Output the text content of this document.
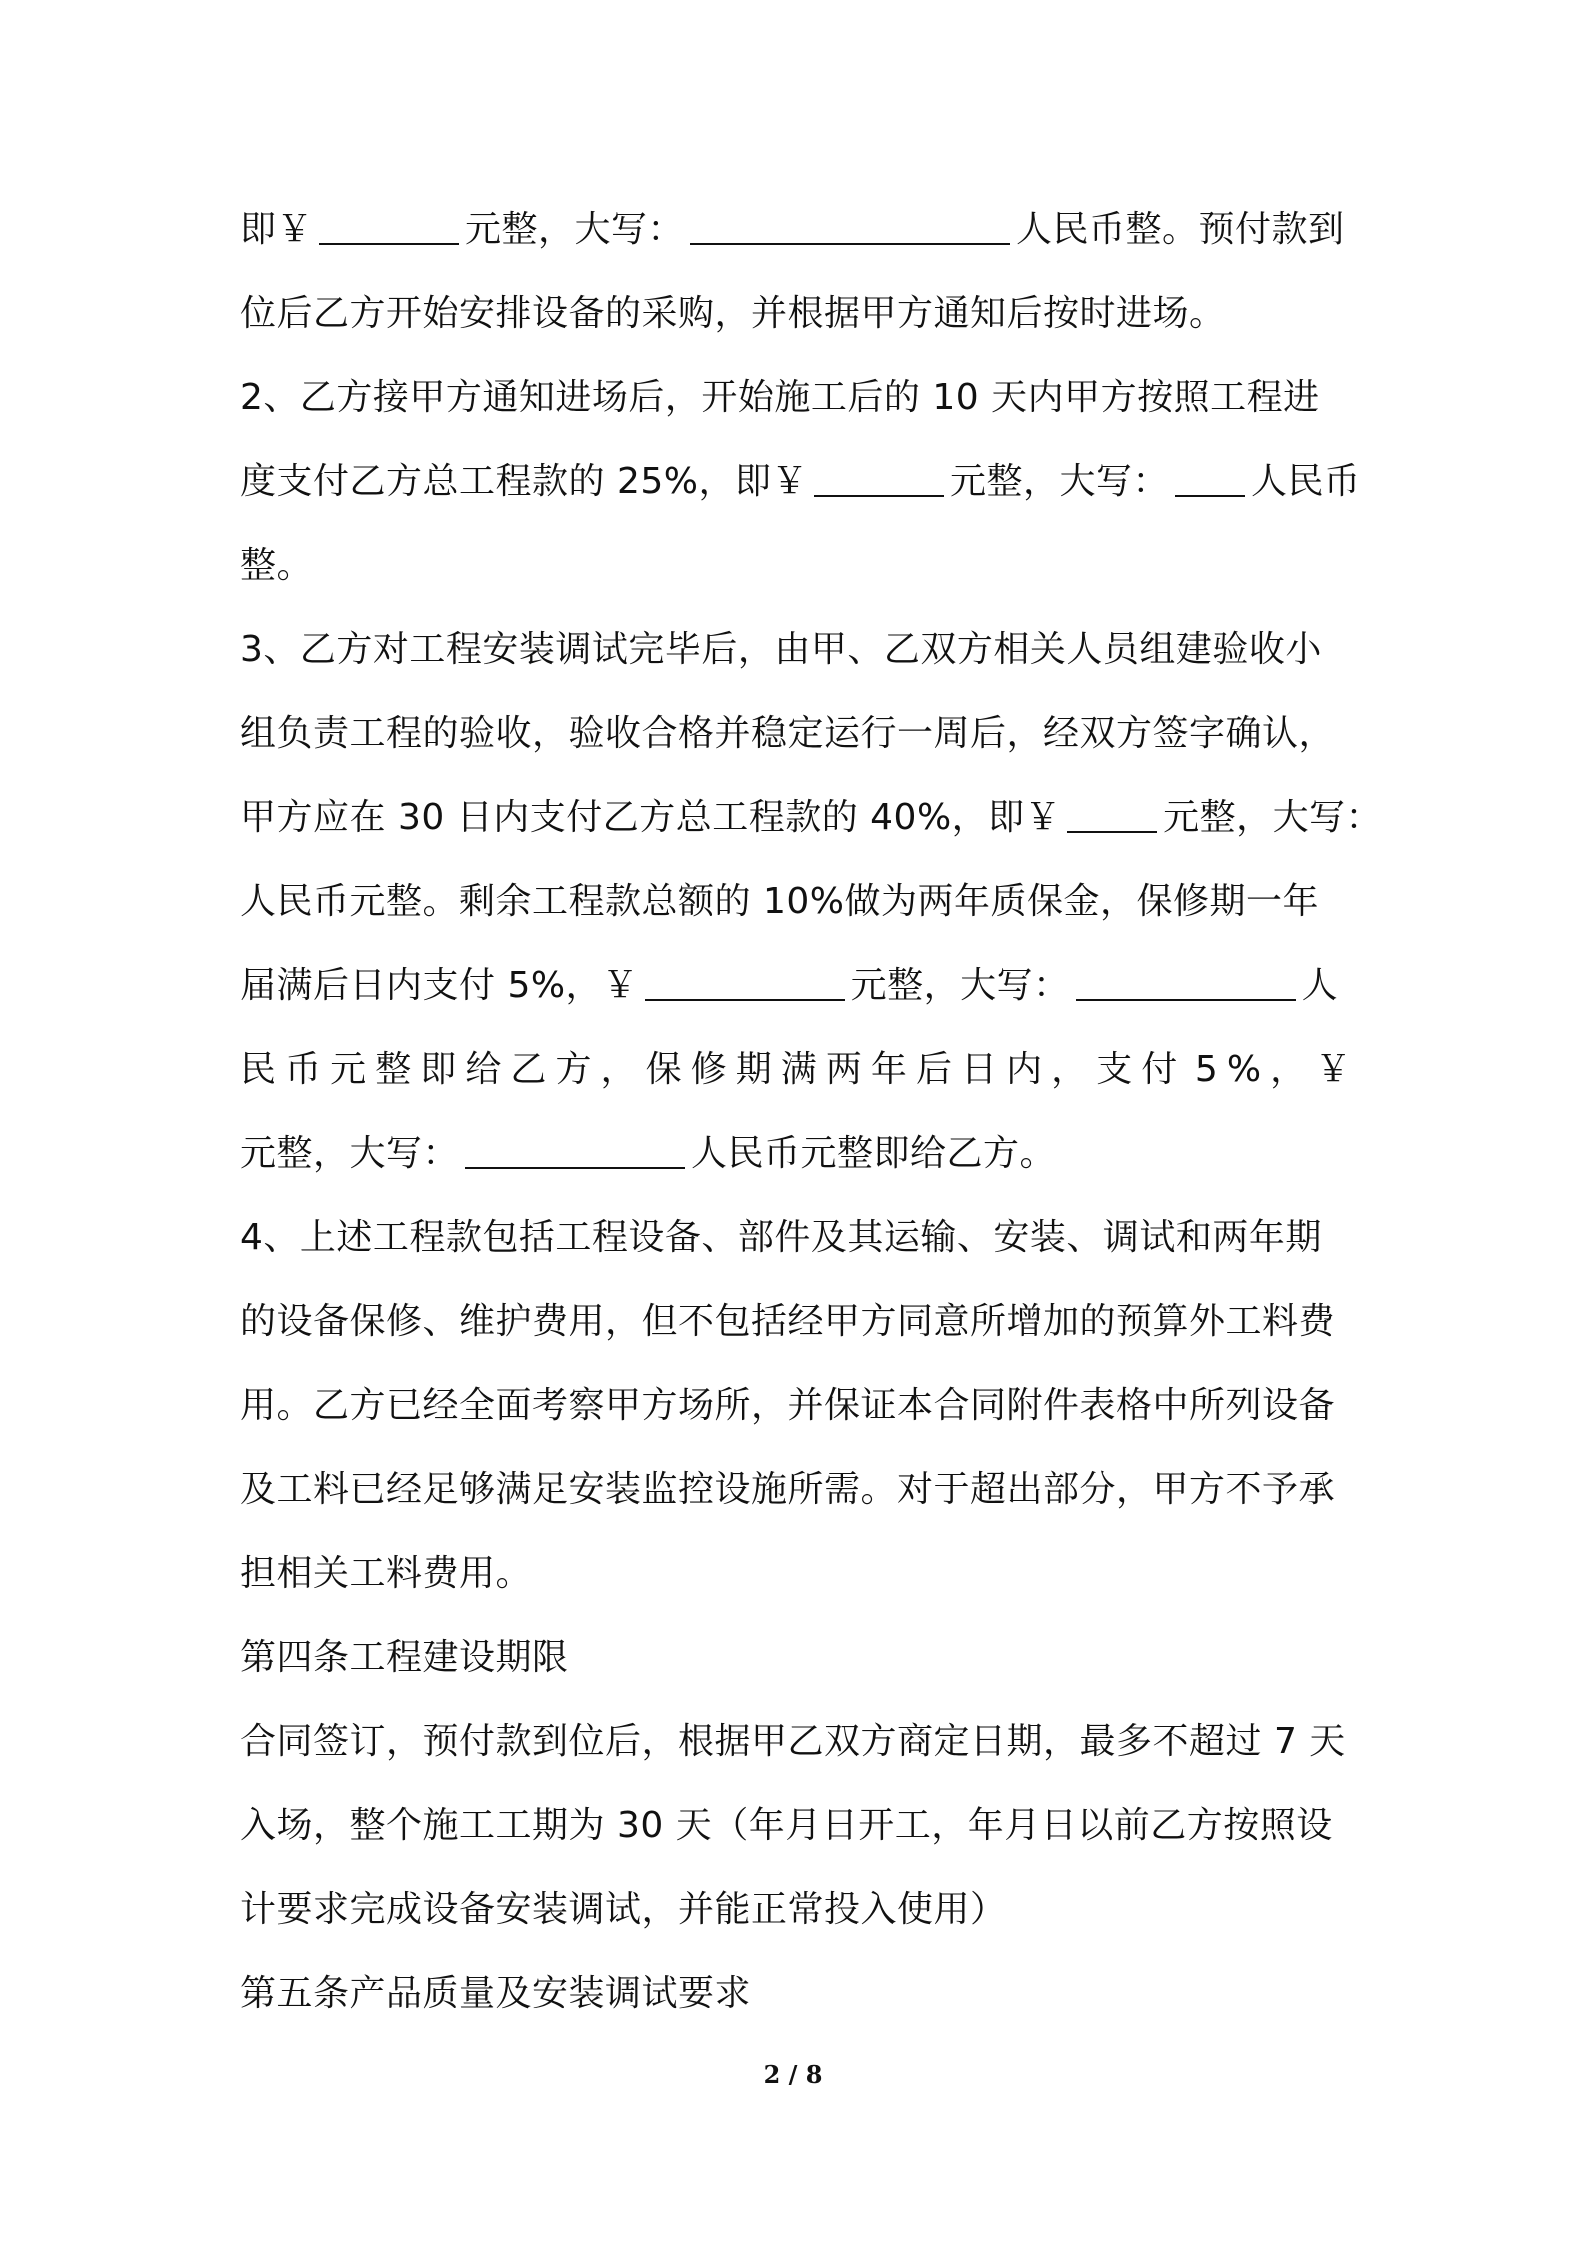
即￥	元整，大写：	人民币整。预付款到
位后乙方开始安排设备的采购，并根据甲方通知后按时进场。
2、乙方接甲方通知进场后，开始施工后的 10 天内甲方按照工程进
度支付乙方总工程款的 25%，即￥	元整，大写： 人民币
整。
3、乙方对工程安装调试完毕后，由甲、乙双方相关人员组建验收小
组负责工程的验收，验收合格并稳定运行一周后，经双方签字确认，
甲方应在 30 日内支付乙方总工程款的 40%，即￥	元整，大写：
人民币元整。剩余工程款总额的 10%做为两年质保金，保修期一年
届满后日内支付 5%，￥	元整，大写：	人
民 币 元 整 即 给 乙 方 ， 保 修 期 满 两 年 后 日 内 ， 支 付 5 % ， ￥
元整，大写：	人民币元整即给乙方。
4、上述工程款包括工程设备、部件及其运输、安装、调试和两年期
的设备保修、维护费用，但不包括经甲方同意所增加的预算外工料费
用。乙方已经全面考察甲方场所，并保证本合同附件表格中所列设备
及工料已经足够满足安装监控设施所需。对于超出部分，甲方不予承
担相关工料费用。
第四条工程建设期限
合同签订，预付款到位后，根据甲乙双方商定日期，最多不超过 7 天
入场，整个施工工期为 30 天（年月日开工，年月日以前乙方按照设
计要求完成设备安装调试，并能正常投入使用）
第五条产品质量及安装调试要求
2 / 8
